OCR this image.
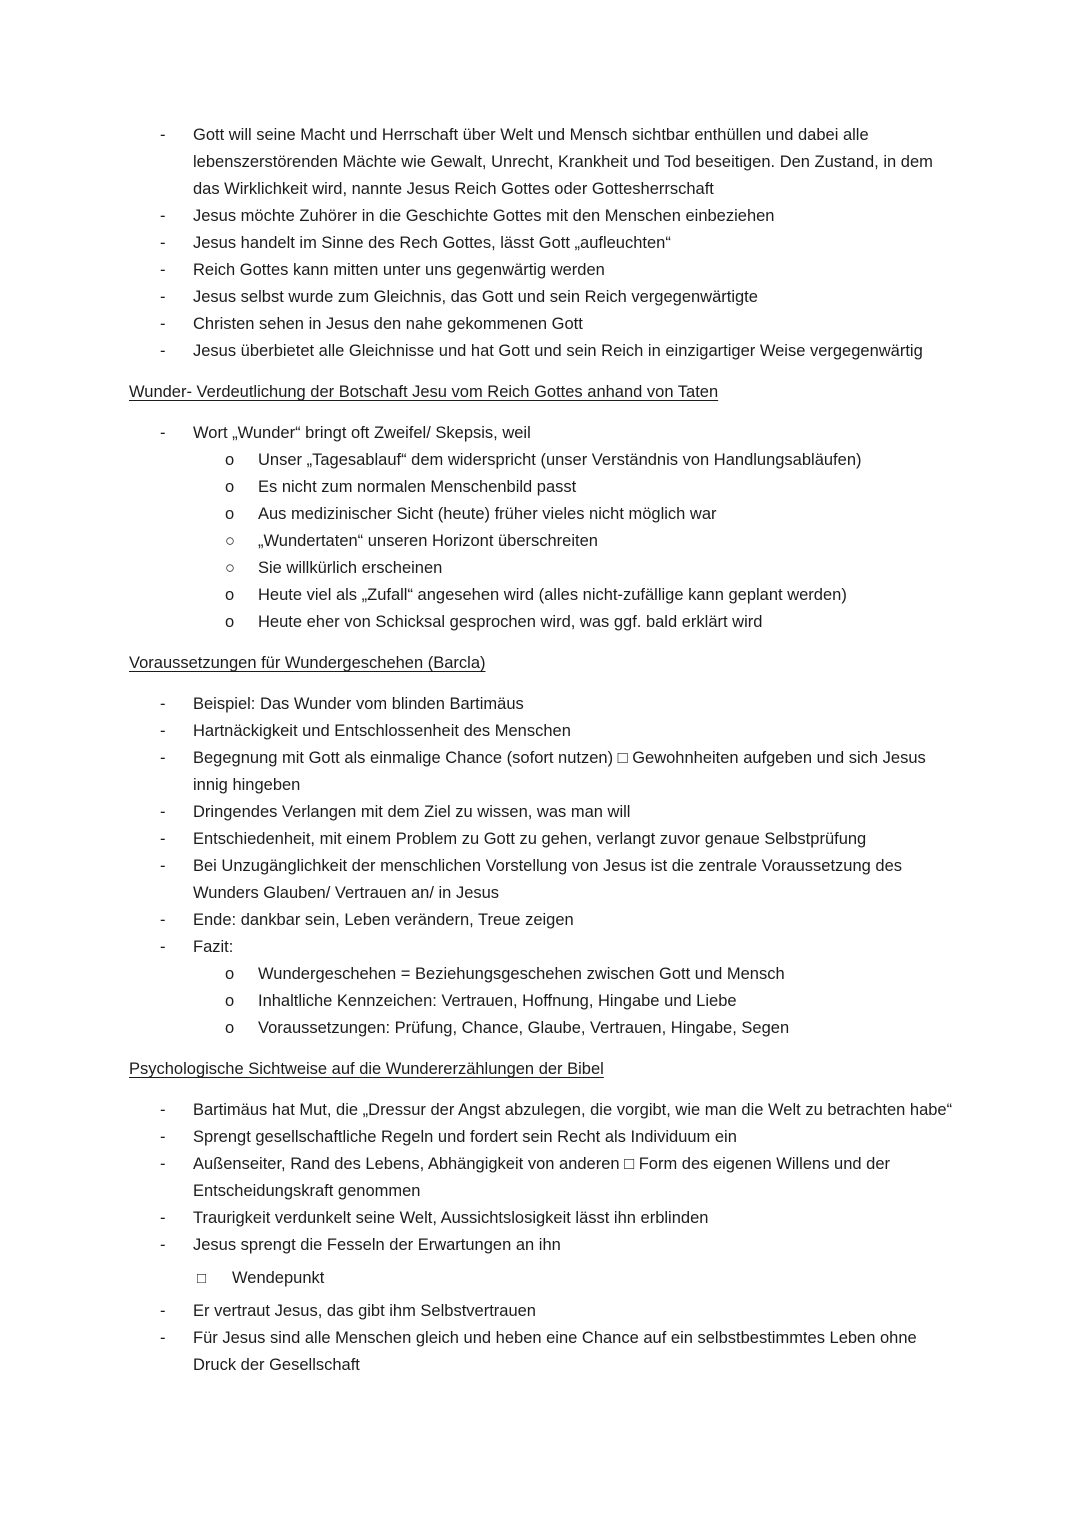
-	Gott will seine Macht und Herrschaft über Welt und Mensch sichtbar enthüllen und dabei alle lebenszerstörenden Mächte wie Gewalt, Unrecht, Krankheit und Tod beseitigen. Den Zustand, in dem das Wirklichkeit wird, nannte Jesus Reich Gottes oder Gottesherrschaft
-	Jesus möchte Zuhörer in die Geschichte Gottes mit den Menschen einbeziehen
-	Jesus handelt im Sinne des Rech Gottes, lässt Gott „aufleuchten“
-	Reich Gottes kann mitten unter uns gegenwärtig werden
-	Jesus selbst wurde zum Gleichnis, das Gott und sein Reich vergegenwärtigte
-	Christen sehen in Jesus den nahe gekommenen Gott
-	Jesus überbietet alle Gleichnisse und hat Gott und sein Reich in einzigartiger Weise vergegenwärtig
Wunder- Verdeutlichung der Botschaft Jesu vom Reich Gottes anhand von Taten
-	Wort „Wunder“ bringt oft Zweifel/ Skepsis, weil
o	Unser „Tagesablauf“ dem widerspricht (unser Verständnis von Handlungsabläufen)
o	Es nicht zum normalen Menschenbild passt
o	Aus medizinischer Sicht (heute) früher vieles nicht möglich war
○	„Wundertaten“ unseren Horizont überschreiten
○	Sie willkürlich erscheinen
o	Heute viel als „Zufall“ angesehen wird (alles nicht-zufällige kann geplant werden)
o	Heute eher von Schicksal gesprochen wird, was ggf. bald erklärt wird
Voraussetzungen für Wundergeschehen (Barcla)
-	Beispiel: Das Wunder vom blinden Bartimäus
-	Hartnäckigkeit und Entschlossenheit des Menschen
-	Begegnung mit Gott als einmalige Chance (sofort nutzen) □ Gewohnheiten aufgeben und sich Jesus innig hingeben
-	Dringendes Verlangen mit dem Ziel zu wissen, was man will
-	Entschiedenheit, mit einem Problem zu Gott zu gehen, verlangt zuvor genaue Selbstprüfung
-	Bei Unzugänglichkeit der menschlichen Vorstellung von Jesus ist die zentrale Voraussetzung des Wunders Glauben/ Vertrauen an/ in Jesus
-	Ende: dankbar sein, Leben verändern, Treue zeigen
-	Fazit:
o	Wundergeschehen = Beziehungsgeschehen zwischen Gott und Mensch
o	Inhaltliche Kennzeichen: Vertrauen, Hoffnung, Hingabe und Liebe
o	Voraussetzungen: Prüfung, Chance, Glaube, Vertrauen, Hingabe, Segen
Psychologische Sichtweise auf die Wundererzählungen der Bibel
-	Bartimäus hat Mut, die „Dressur der Angst abzulegen, die vorgibt, wie man die Welt zu betrachten habe“
-	Sprengt gesellschaftliche Regeln und fordert sein Recht als Individuum ein
-	Außenseiter, Rand des Lebens, Abhängigkeit von anderen □ Form des eigenen Willens und der Entscheidungskraft genommen
-	Traurigkeit verdunkelt seine Welt, Aussichtslosigkeit lässt ihn erblinden
-	Jesus sprengt die Fesseln der Erwartungen an ihn
□	Wendepunkt
-	Er vertraut Jesus, das gibt ihm Selbstvertrauen
-	Für Jesus sind alle Menschen gleich und heben eine Chance auf ein selbstbestimmtes Leben ohne Druck der Gesellschaft
